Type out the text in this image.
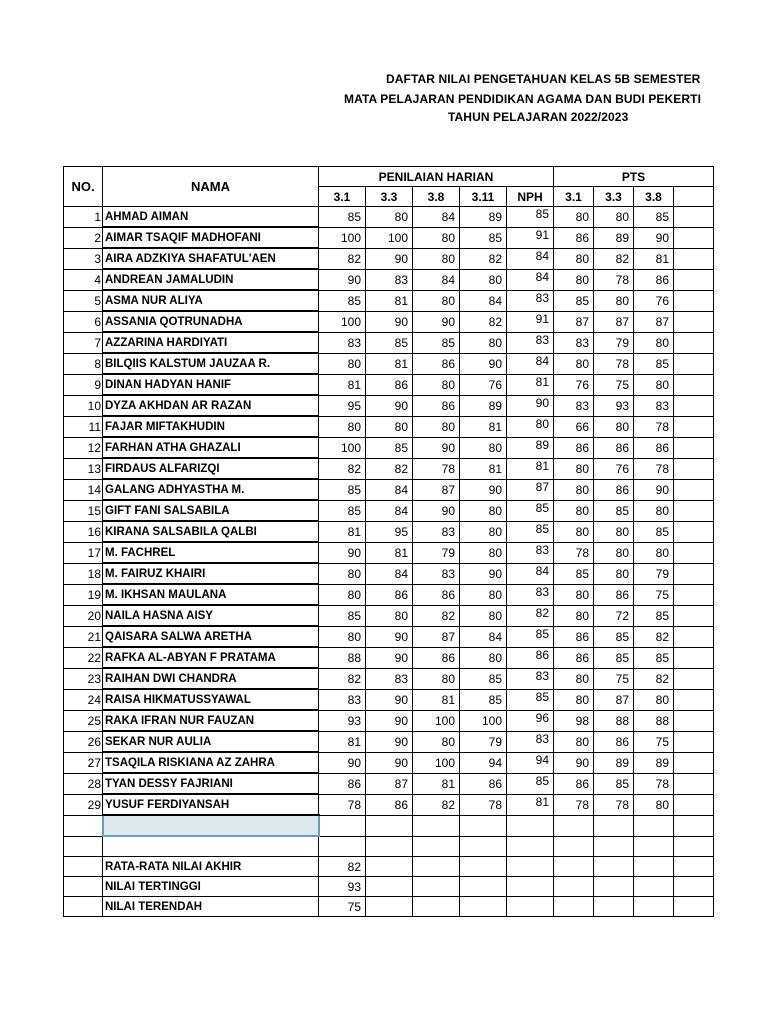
DAFTAR NILAI PENGETAHUAN KELAS 5B SEMESTER
MATA PELAJARAN PENDIDIKAN AGAMA DAN BUDI PEKERTI
TAHUN PELAJARAN 2022/2023
NO.	NAMA	PENILAIAN HARIAN					PTS			
		3.1	3.3	3.8	3.11	NPH	3.1	3.3	3.8	
1	AHMAD AIMAN	85	80	84	89	85	80	80	85	
2	AIMAR TSAQIF MADHOFANI	100	100	80	85	91	86	89	90	
3	AIRA ADZKIYA SHAFATUL'AEN	82	90	80	82	84	80	82	81	
4	ANDREAN JAMALUDIN	90	83	84	80	84	80	78	86	
5	ASMA NUR ALIYA	85	81	80	84	83	85	80	76	
6	ASSANIA QOTRUNADHA	100	90	90	82	91	87	87	87	
7	AZZARINA HARDIYATI	83	85	85	80	83	83	79	80	
8	BILQIIS KALSTUM JAUZAA R.	80	81	86	90	84	80	78	85	
9	DINAN HADYAN HANIF	81	86	80	76	81	76	75	80	
10	DYZA AKHDAN AR RAZAN	95	90	86	89	90	83	93	83	
11	FAJAR MIFTAKHUDIN	80	80	80	81	80	66	80	78	
12	FARHAN ATHA GHAZALI	100	85	90	80	89	86	86	86	
13	FIRDAUS ALFARIZQI	82	82	78	81	81	80	76	78	
14	GALANG ADHYASTHA M.	85	84	87	90	87	80	86	90	
15	GIFT FANI SALSABILA	85	84	90	80	85	80	85	80	
16	KIRANA SALSABILA QALBI	81	95	83	80	85	80	80	85	
17	M. FACHREL	90	81	79	80	83	78	80	80	
18	M. FAIRUZ KHAIRI	80	84	83	90	84	85	80	79	
19	M. IKHSAN MAULANA	80	86	86	80	83	80	86	75	
20	NAILA HASNA AISY	85	80	82	80	82	80	72	85	
21	QAISARA SALWA ARETHA	80	90	87	84	85	86	85	82	
22	RAFKA AL-ABYAN F PRATAMA	88	90	86	80	86	86	85	85	
23	RAIHAN DWI CHANDRA	82	83	80	85	83	80	75	82	
24	RAISA HIKMATUSSYAWAL	83	90	81	85	85	80	87	80	
25	RAKA IFRAN NUR FAUZAN	93	90	100	100	96	98	88	88	
26	SEKAR NUR AULIA	81	90	80	79	83	80	86	75	
27	TSAQILA RISKIANA AZ ZAHRA	90	90	100	94	94	90	89	89	
28	TYAN DESSY FAJRIANI	86	87	81	86	85	86	85	78	
29	YUSUF FERDIYANSAH	78	86	82	78	81	78	78	80	

	RATA-RATA NILAI AKHIR	82								
	NILAI TERTINGGI	93								
	NILAI TERENDAH	75								
